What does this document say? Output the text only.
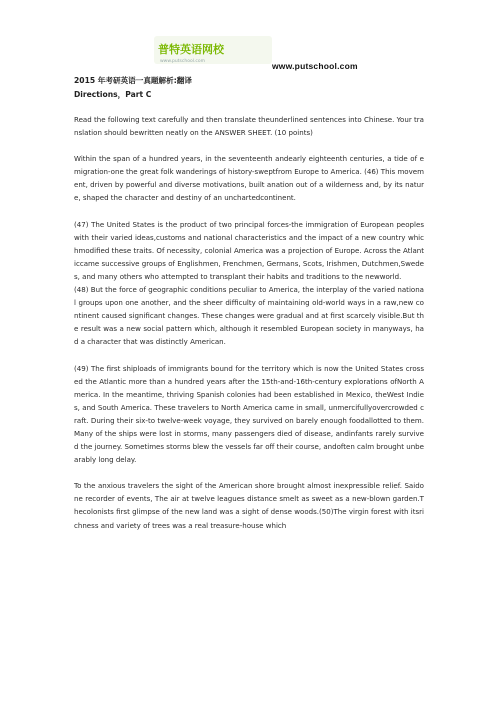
普特英语网校
www.putschool.com	www.putschool.com
2015 年考研英语一真题解析:翻译
Directions，Part C

Read the following text carefully and then translate theunderlined sentences into Chinese. Your translation should bewritten neatly on the ANSWER SHEET. (10 points)

Within the span of a hundred years, in the seventeenth andearly eighteenth centuries, a tide of emigration-one the great folk wanderings of history-sweptfrom Europe to America. (46) This movement, driven by powerful and diverse motivations, built anation out of a wilderness and, by its nature, shaped the character and destiny of an unchartedcontinent.

(47) The United States is the product of two principal forces-the immigration of European peopleswith their varied ideas,customs and national characteristics and the impact of a new country whichmodified these traits. Of necessity, colonial America was a projection of Europe. Across the Atlanticcame successive groups of Englishmen, Frenchmen, Germans, Scots, Irishmen, Dutchmen,Swedes, and many others who attempted to transplant their habits and traditions to the newworld.

(48) But the force of geographic conditions peculiar to America, the interplay of the varied national groups upon one another, and the sheer difficulty of maintaining old-world ways in a raw,new continent caused significant changes. These changes were gradual and at first scarcely visible.But the result was a new social pattern which, although it resembled European society in manyways, had a character that was distinctly American.

(49) The first shiploads of immigrants bound for the territory which is now the United States crossed the Atlantic more than a hundred years after the 15th-and-16th-century explorations ofNorth America. In the meantime, thriving Spanish colonies had been established in Mexico, theWest Indies, and South America. These travelers to North America came in small, unmercifullyovercrowded craft. During their six-to twelve-week voyage, they survived on barely enough foodallotted to them. Many of the ships were lost in storms, many passengers died of disease, andinfants rarely survived the journey. Sometimes storms blew the vessels far off their course, andoften calm brought unbearably long delay.

To the anxious travelers the sight of the American shore brought almost inexpressible relief. Saidone recorder of events, The air at twelve leagues distance smelt as sweet as a new-blown garden.Thecolonists first glimpse of the new land was a sight of dense woods.(50)The virgin forest with itsrichness and variety of trees was a real treasure-house which
